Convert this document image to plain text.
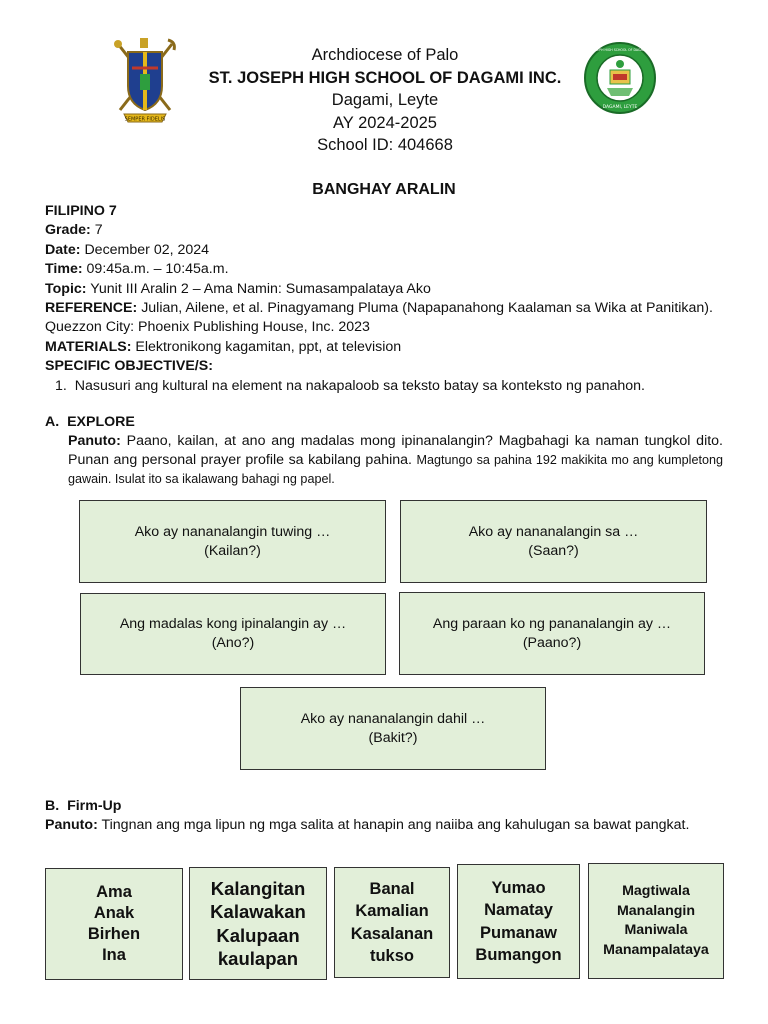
SEMPER FIDELIS
Archdiocese of Palo
ST. JOSEPH HIGH SCHOOL OF DAGAMI INC.
Dagami, Leyte
AY 2024-2025
School ID: 404668
DAGAMI, LEYTE
ST. JOSEPH HIGH SCHOOL OF DAGAMI INC.
BANGHAY ARALIN
FILIPINO 7
Grade: 7
Date: December 02, 2024
Time: 09:45a.m. – 10:45a.m.
Topic: Yunit III Aralin 2 – Ama Namin: Sumasampalataya Ako
REFERENCE: Julian, Ailene, et al. Pinagyamang Pluma (Napapanahong Kaalaman sa Wika at Panitikan). Quezzon City: Phoenix Publishing House, Inc. 2023
MATERIALS: Elektronikong kagamitan, ppt, at television
SPECIFIC OBJECTIVE/S:
1.  Nasusuri ang kultural na element na nakapaloob sa teksto batay sa konteksto ng panahon.
A.  EXPLORE
Panuto: Paano, kailan, at ano ang madalas mong ipinanalangin? Magbahagi ka naman tungkol dito. Punan ang personal prayer profile sa kabilang pahina. Magtungo sa pahina 192 makikita mo ang kumpletong gawain. Isulat ito sa ikalawang bahagi ng papel.
Ako ay nananalangin tuwing …
(Kailan?)
Ako ay nananalangin sa …
(Saan?)
Ang madalas kong ipinalangin ay …
(Ano?)
Ang paraan ko ng pananalangin ay …
(Paano?)
Ako ay nananalangin dahil …
(Bakit?)
B.  Firm-Up
Panuto: Tingnan ang mga lipun ng mga salita at hanapin ang naiiba ang kahulugan sa bawat pangkat.
Ama
Anak
Birhen
Ina
Kalangitan
Kalawakan
Kalupaan
kaulapan
Banal
Kamalian
Kasalanan
tukso
Yumao
Namatay
Pumanaw
Bumangon
Magtiwala
Manalangin
Maniwala
Manampalataya
